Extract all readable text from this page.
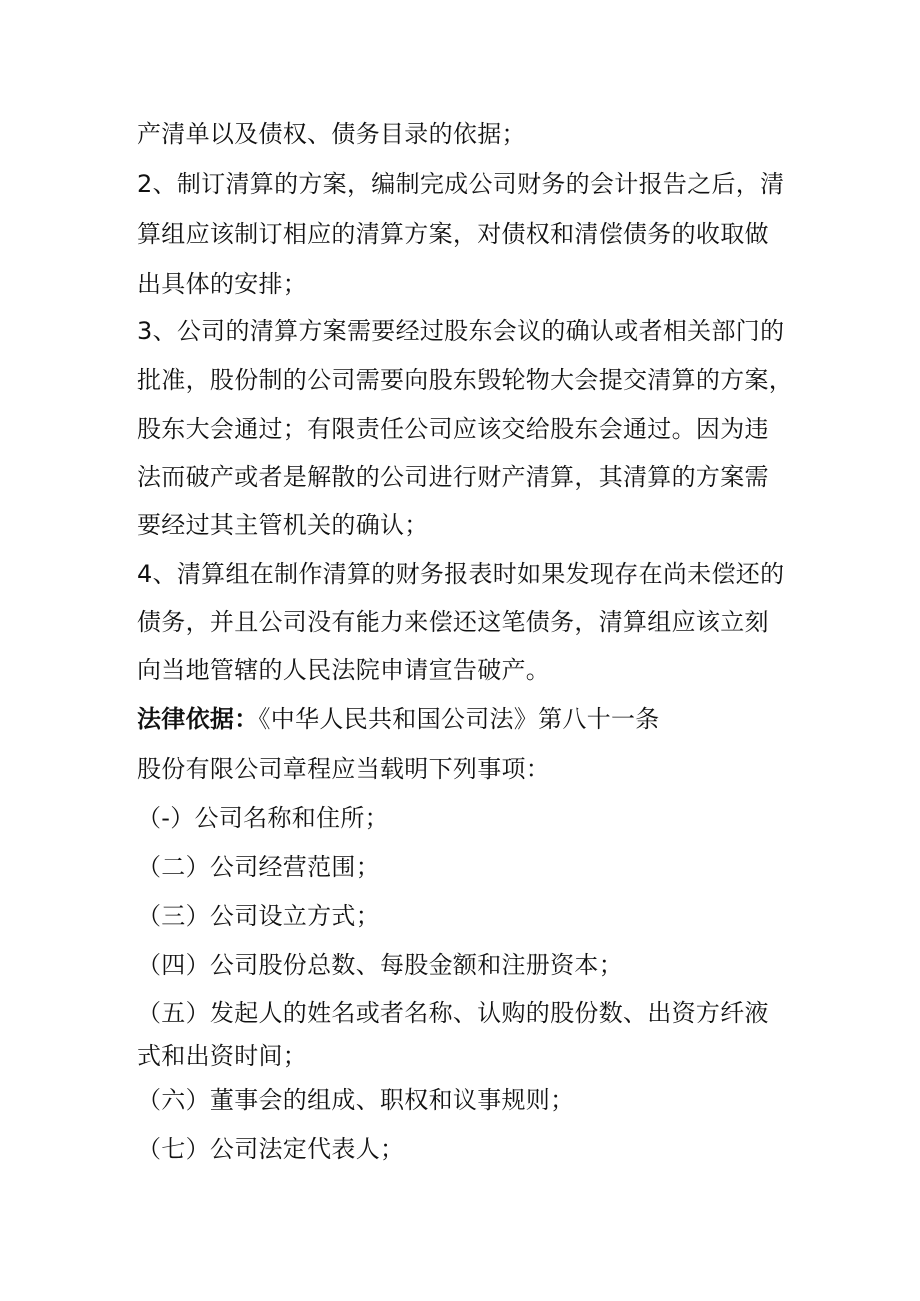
产清单以及债权、债务目录的依据；
2、制订清算的方案，编制完成公司财务的会计报告之后，清
算组应该制订相应的清算方案，对债权和清偿债务的收取做
出具体的安排；
3、公司的清算方案需要经过股东会议的确认或者相关部门的
批准，股份制的公司需要向股东毁轮物大会提交清算的方案，
股东大会通过；有限责任公司应该交给股东会通过。因为违
法而破产或者是解散的公司进行财产清算，其清算的方案需
要经过其主管机关的确认；
4、清算组在制作清算的财务报表时如果发现存在尚未偿还的
债务，并且公司没有能力来偿还这笔债务，清算组应该立刻
向当地管辖的人民法院申请宣告破产。
法律依据：《中华人民共和国公司法》第八十一条
股份有限公司章程应当载明下列事项：
（-）公司名称和住所；
（二）公司经营范围；
（三）公司设立方式；
（四）公司股份总数、每股金额和注册资本；
（五）发起人的姓名或者名称、认购的股份数、出资方纤液
式和出资时间；
（六）董事会的组成、职权和议事规则；
（七）公司法定代表人；
